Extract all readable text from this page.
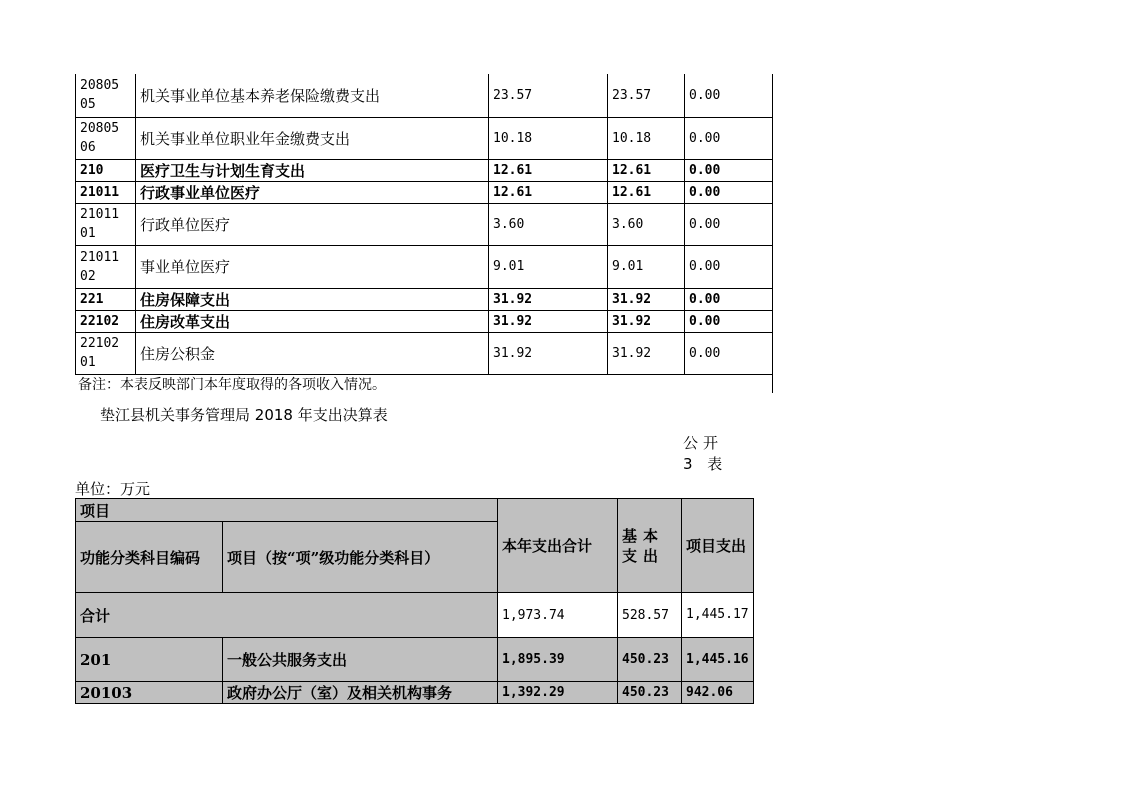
20805 05	机关事业单位基本养老保险缴费支出	23.57	23.57	0.00
20805 06	机关事业单位职业年金缴费支出	10.18	10.18	0.00
210	医疗卫生与计划生育支出	12.61	12.61	0.00
21011	行政事业单位医疗	12.61	12.61	0.00
21011 01	行政单位医疗	3.60	3.60	0.00
21011 02	事业单位医疗	9.01	9.01	0.00
221	住房保障支出	31.92	31.92	0.00
22102	住房改革支出	31.92	31.92	0.00
22102 01	住房公积金	31.92	31.92	0.00
备注：本表反映部门本年度取得的各项收入情况。
垫江县机关事务管理局 2018 年支出决算表
公开 3 表
单位：万元
项目		本年支出合计	基本支出	项目支出
功能分类科目编码	项目（按“项”级功能分类科目）			
合计		1,973.74	528.57	1,445.17
201	一般公共服务支出	1,895.39	450.23	1,445.16
20103	政府办公厅（室）及相关机构事务	1,392.29	450.23	942.06
